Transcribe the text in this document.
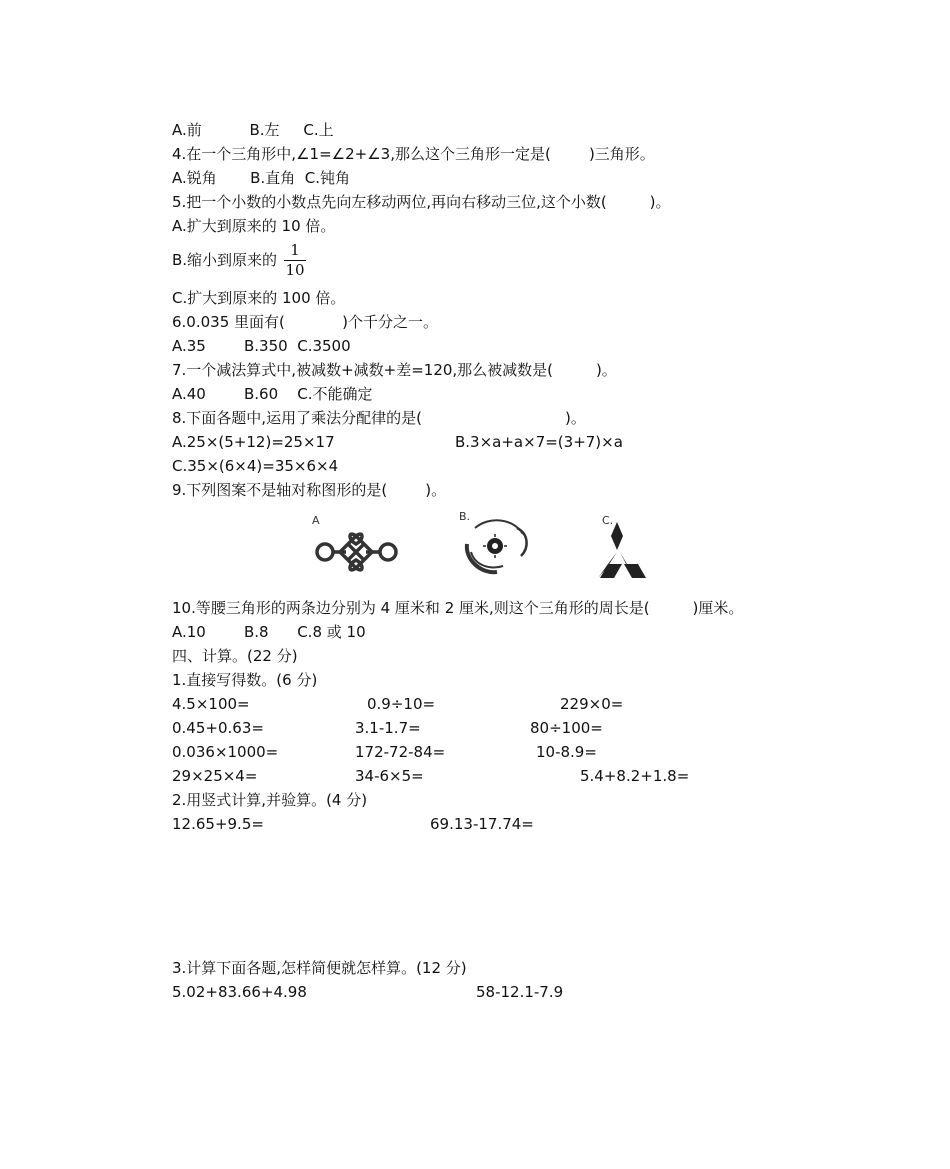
A.前          B.左     C.上
4.在一个三角形中,∠1=∠2+∠3,那么这个三角形一定是(        )三角形。
A.锐角       B.直角  C.钝角
5.把一个小数的小数点先向左移动两位,再向右移动三位,这个小数(         )。
A.扩大到原来的 10 倍。
B.缩小到原来的
1
10
C.扩大到原来的 100 倍。
6.0.035 里面有(            )个千分之一。
A.35        B.350  C.3500
7.一个减法算式中,被减数+减数+差=120,那么被减数是(         )。
A.40        B.60    C.不能确定
8.下面各题中,运用了乘法分配律的是(                              )。
A.25×(5+12)=25×17	B.3×a+a×7=(3+7)×a
C.35×(6×4)=35×6×4
9.下列图案不是轴对称图形的是(        )。
A	B.	C.
10.等腰三角形的两条边分别为 4 厘米和 2 厘米,则这个三角形的周长是(         )厘米。
A.10        B.8      C.8 或 10
四、计算。(22 分)
1.直接写得数。(6 分)
4.5×100=	0.9÷10=	229×0=
0.45+0.63=	3.1-1.7=	80÷100=
0.036×1000=	172-72-84=	10-8.9=
29×25×4=	34-6×5=	5.4+8.2+1.8=
2.用竖式计算,并验算。(4 分)
12.65+9.5=	69.13-17.74=
3.计算下面各题,怎样简便就怎样算。(12 分)
5.02+83.66+4.98	58-12.1-7.9
